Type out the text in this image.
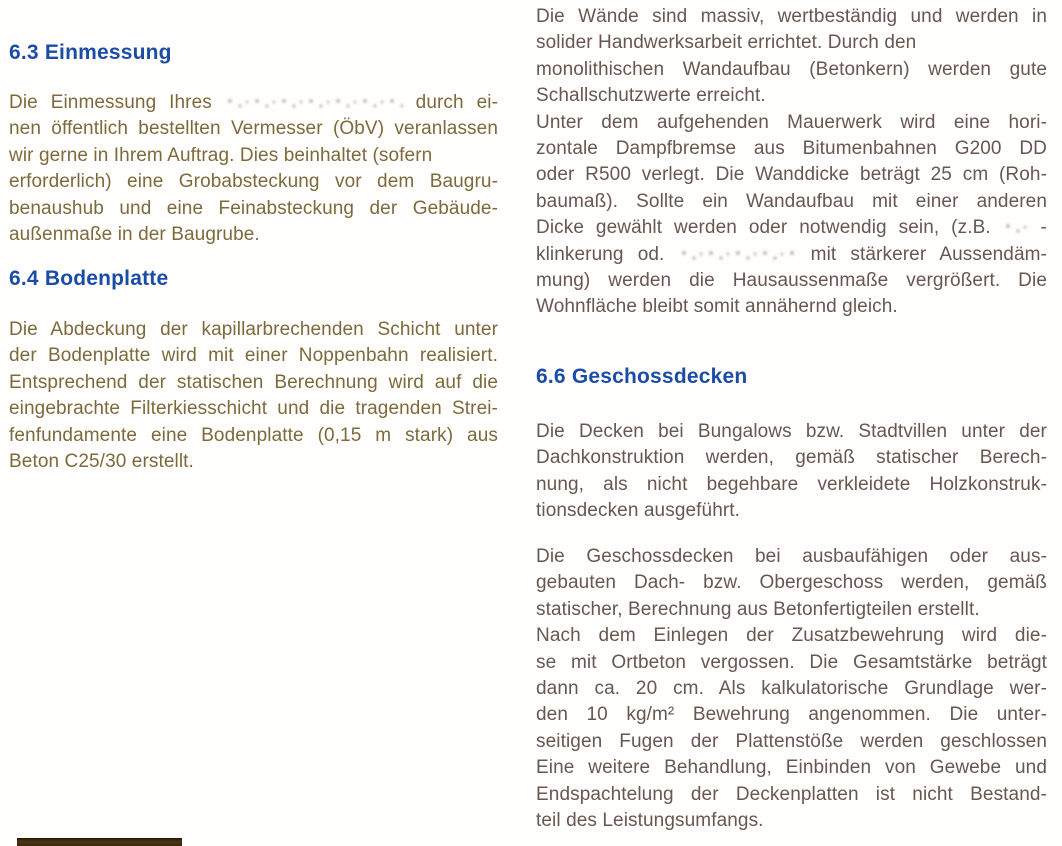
6.3 Einmessung
Die Einmessung Ihres	durch ei-
nen öffentlich bestellten Vermesser (ÖbV) veranlassen
wir gerne in Ihrem Auftrag. Dies beinhaltet (sofern
erforderlich) eine Grobabsteckung vor dem Baugru-
benaushub und eine Feinabsteckung der Gebäude-
außenmaße in der Baugrube.
6.4 Bodenplatte
Die Abdeckung der kapillarbrechenden Schicht unter
der Bodenplatte wird mit einer Noppenbahn realisiert.
Entsprechend der statischen Berechnung wird auf die
eingebrachte Filterkiesschicht und die tragenden Strei-
fenfundamente eine Bodenplatte (0,15 m stark) aus
Beton C25/30 erstellt.
Die Wände sind massiv, wertbeständig und werden in
solider Handwerksarbeit errichtet. Durch den
monolithischen Wandaufbau (Betonkern) werden gute
Schallschutzwerte erreicht.
Unter dem aufgehenden Mauerwerk wird eine hori-
zontale Dampfbremse aus Bitumenbahnen G200 DD
oder R500 verlegt. Die Wanddicke beträgt 25 cm (Roh-
baumaß). Sollte ein Wandaufbau mit einer anderen
Dicke gewählt werden oder notwendig sein, (z.B.  -
klinkerung od.	mit stärkerer Aussendäm-
mung) werden die Hausaussenmaße vergrößert. Die
Wohnfläche bleibt somit annähernd gleich.
6.6 Geschossdecken
Die Decken bei Bungalows bzw. Stadtvillen unter der
Dachkonstruktion werden, gemäß statischer Berech-
nung, als nicht begehbare verkleidete Holzkonstruk-
tionsdecken ausgeführt.
Die Geschossdecken bei ausbaufähigen oder aus-
gebauten Dach- bzw. Obergeschoss werden, gemäß
statischer, Berechnung aus Betonfertigteilen erstellt.
Nach dem Einlegen der Zusatzbewehrung wird die-
se mit Ortbeton vergossen. Die Gesamtstärke beträgt
dann ca. 20 cm. Als kalkulatorische Grundlage wer-
den 10 kg/m² Bewehrung angenommen. Die unter-
seitigen Fugen der Plattenstöße werden geschlossen
Eine weitere Behandlung, Einbinden von Gewebe und
Endspachtelung der Deckenplatten ist nicht Bestand-
teil des Leistungsumfangs.
